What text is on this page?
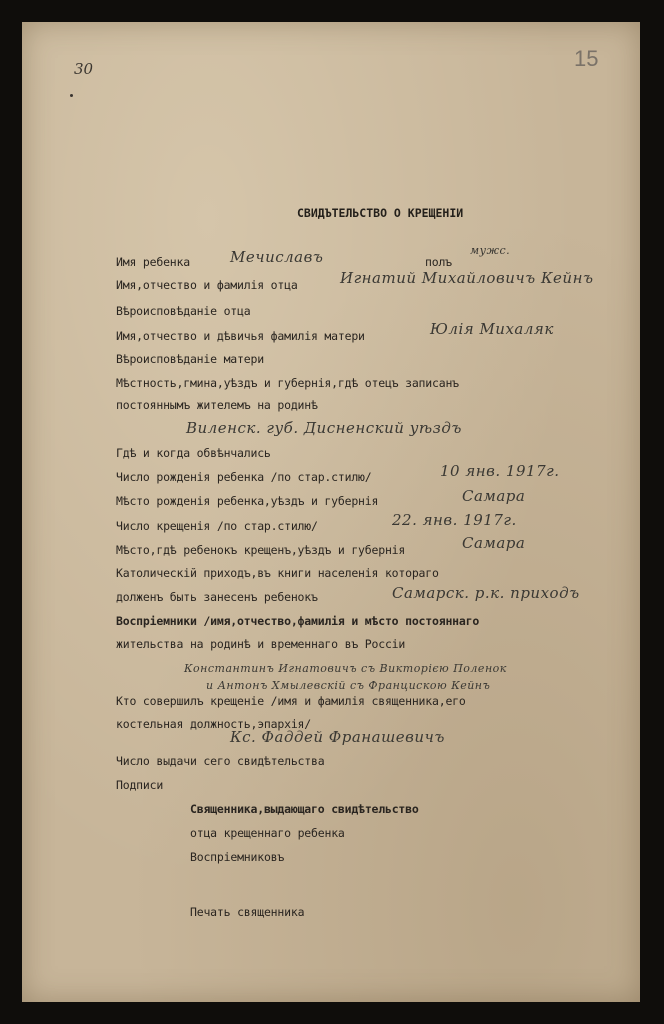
30	15
СВИДЪТЕЛЬСТВО О КРЕЩЕНІИ
Имя ребенка	Мечиславъ	полъ
мужс.
Имя,отчество и фамилія отца	Игнатий Михайловичъ Кейнъ
Вѣроисповѣданіе отца
Имя,отчество и дѣвичья фамилія матери	Юлія Михаляк
Вѣроисповѣданіе матери
Мѣстность,гмина,уѣздъ и губернія,гдѣ отецъ записанъ
постояннымъ жителемъ на родинѣ
Виленск. губ. Дисненский уѣздъ
Гдѣ и когда обвѣнчались
Число рожденія ребенка /по стар.стилю/	10 янв. 1917г.
Мѣсто рожденія ребенка,уѣздъ и губернія	Самара
Число крещенія /по стар.стилю/	22. янв. 1917г.
Мѣсто,гдѣ ребенокъ крещенъ,уѣздъ и губернія	Самара
Католическій приходъ,въ книги населенія котораго
долженъ быть занесенъ ребенокъ	Самарск. р.к. приходъ
Воспріемники /имя,отчество,фамилія и мѣсто постояннаго
жительства на родинѣ и временнаго въ Россіи
Константинъ Игнатовичъ съ Викторією Поленок
и Антонъ Хмылевскій съ Францискою Кейнъ
Кто совершилъ крещеніе /имя и фамилія священника,его
костельная должность,эпархія/
Кс. Фаддей Франашевичъ
Число выдачи сего свидѣтельства
Подписи
Священника,выдающаго свидѣтельство
отца крещеннаго ребенка
Воспріемниковъ
Печать священника
